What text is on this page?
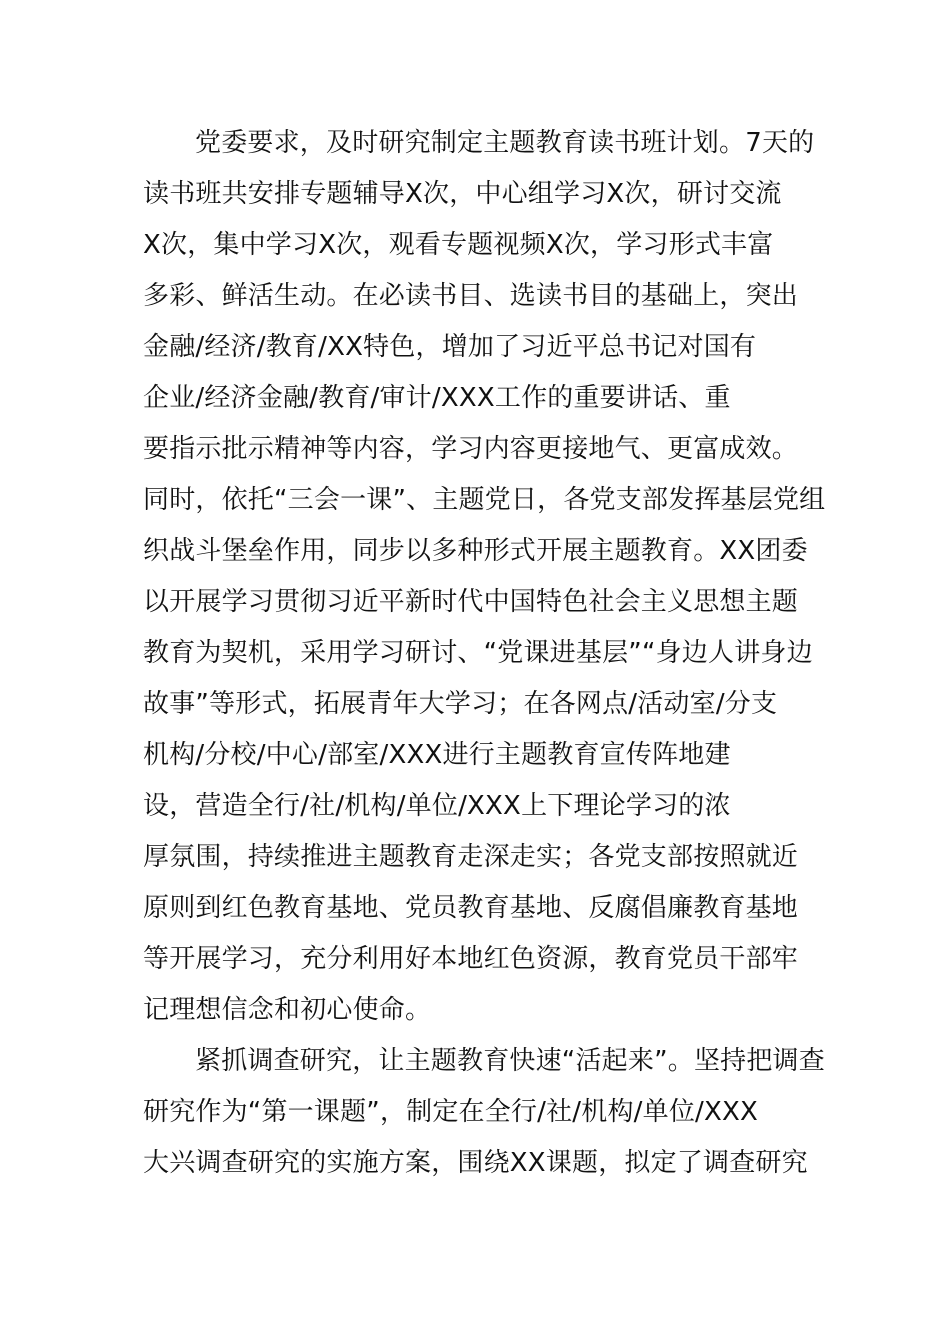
党委要求，及时研究制定主题教育读书班计划。7天的
读书班共安排专题辅导X次，中心组学习X次，研讨交流
X次，集中学习X次，观看专题视频X次，学习形式丰富
多彩、鲜活生动。在必读书目、选读书目的基础上，突出
金融/经济/教育/XX特色，增加了习近平总书记对国有
企业/经济金融/教育/审计/XXX工作的重要讲话、重
要指示批示精神等内容，学习内容更接地气、更富成效。
同时，依托“三会一课”、主题党日，各党支部发挥基层党组
织战斗堡垒作用，同步以多种形式开展主题教育。XX团委
以开展学习贯彻习近平新时代中国特色社会主义思想主题
教育为契机，采用学习研讨、“党课进基层”“身边人讲身边
故事”等形式，拓展青年大学习；在各网点/活动室/分支
机构/分校/中心/部室/XXX进行主题教育宣传阵地建
设，营造全行/社/机构/单位/XXX上下理论学习的浓
厚氛围，持续推进主题教育走深走实；各党支部按照就近
原则到红色教育基地、党员教育基地、反腐倡廉教育基地
等开展学习，充分利用好本地红色资源，教育党员干部牢
记理想信念和初心使命。
紧抓调查研究，让主题教育快速“活起来”。坚持把调查
研究作为“第一课题”，制定在全行/社/机构/单位/XXX
大兴调查研究的实施方案，围绕XX课题，拟定了调查研究
